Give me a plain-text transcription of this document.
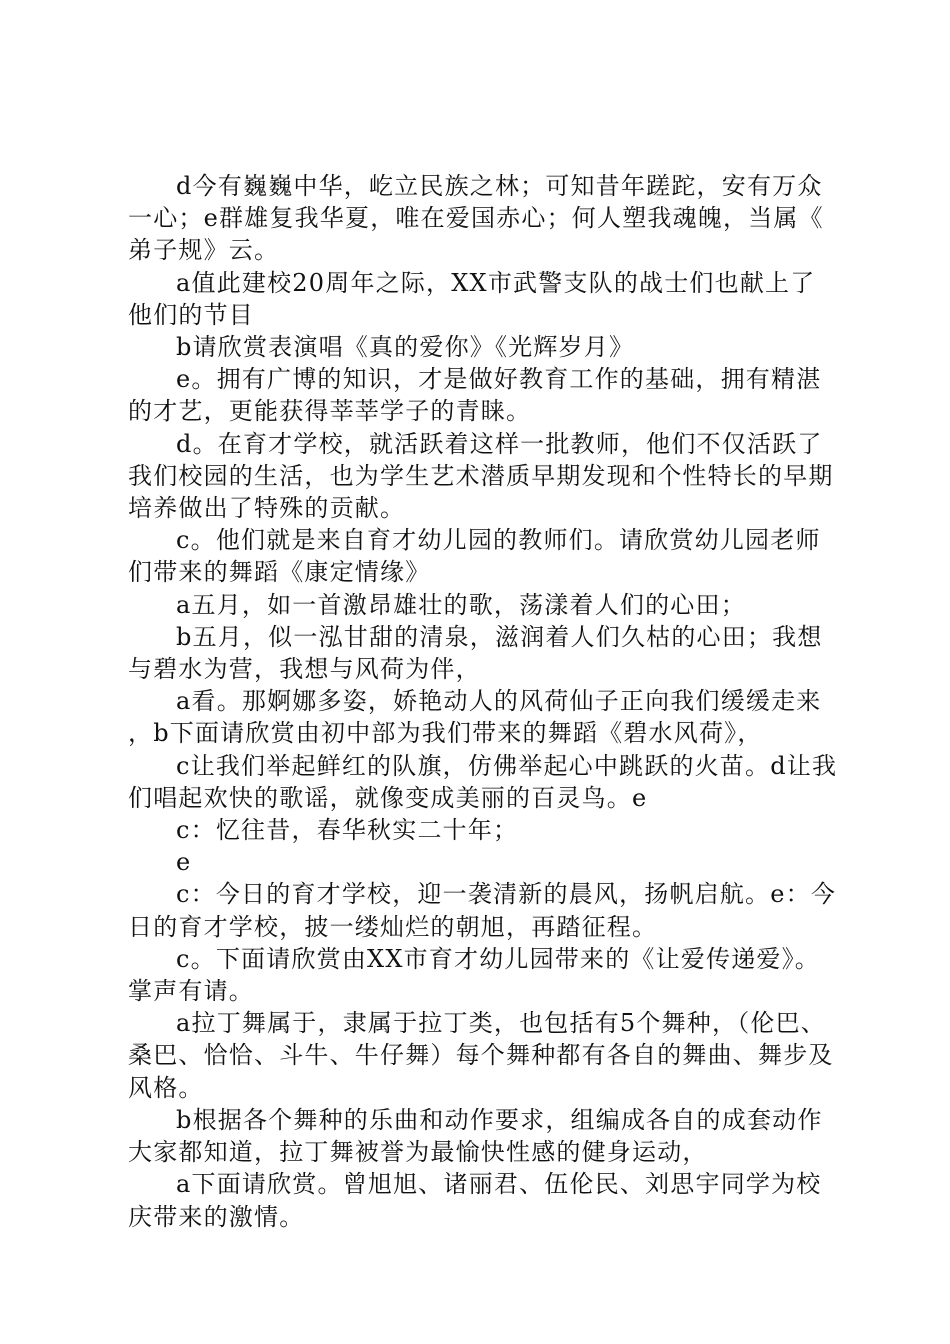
d今有巍巍中华，屹立民族之林；可知昔年蹉跎，安有万众一心；e群雄复我华夏，唯在爱国赤心；何人塑我魂魄，当属《弟子规》云。

a值此建校20周年之际，XX市武警支队的战士们也献上了他们的节目

b请欣赏表演唱《真的爱你》《光辉岁月》

e。拥有广博的知识，才是做好教育工作的基础，拥有精湛的才艺，更能获得莘莘学子的青睐。

d。在育才学校，就活跃着这样一批教师，他们不仅活跃了我们校园的生活，也为学生艺术潜质早期发现和个性特长的早期培养做出了特殊的贡献。

c。他们就是来自育才幼儿园的教师们。请欣赏幼儿园老师们带来的舞蹈《康定情缘》

a五月，如一首激昂雄壮的歌，荡漾着人们的心田；

b五月，似一泓甘甜的清泉，滋润着人们久枯的心田；我想与碧水为营，我想与风荷为伴，

a看。那婀娜多姿，娇艳动人的风荷仙子正向我们缓缓走来，b下面请欣赏由初中部为我们带来的舞蹈《碧水风荷》，

c让我们举起鲜红的队旗，仿佛举起心中跳跃的火苗。d让我们唱起欢快的歌谣，就像变成美丽的百灵鸟。e

c：忆往昔，春华秋实二十年；

e

c：今日的育才学校，迎一袭清新的晨风，扬帆启航。e：今日的育才学校，披一缕灿烂的朝旭，再踏征程。

c。下面请欣赏由XX市育才幼儿园带来的《让爱传递爱》。掌声有请。

a拉丁舞属于，隶属于拉丁类，也包括有5个舞种，（伦巴、桑巴、恰恰、斗牛、牛仔舞）每个舞种都有各自的舞曲、舞步及风格。

b根据各个舞种的乐曲和动作要求，组编成各自的成套动作大家都知道，拉丁舞被誉为最愉快性感的健身运动，

a下面请欣赏。曾旭旭、诸丽君、伍伦民、刘思宇同学为校庆带来的激情。
